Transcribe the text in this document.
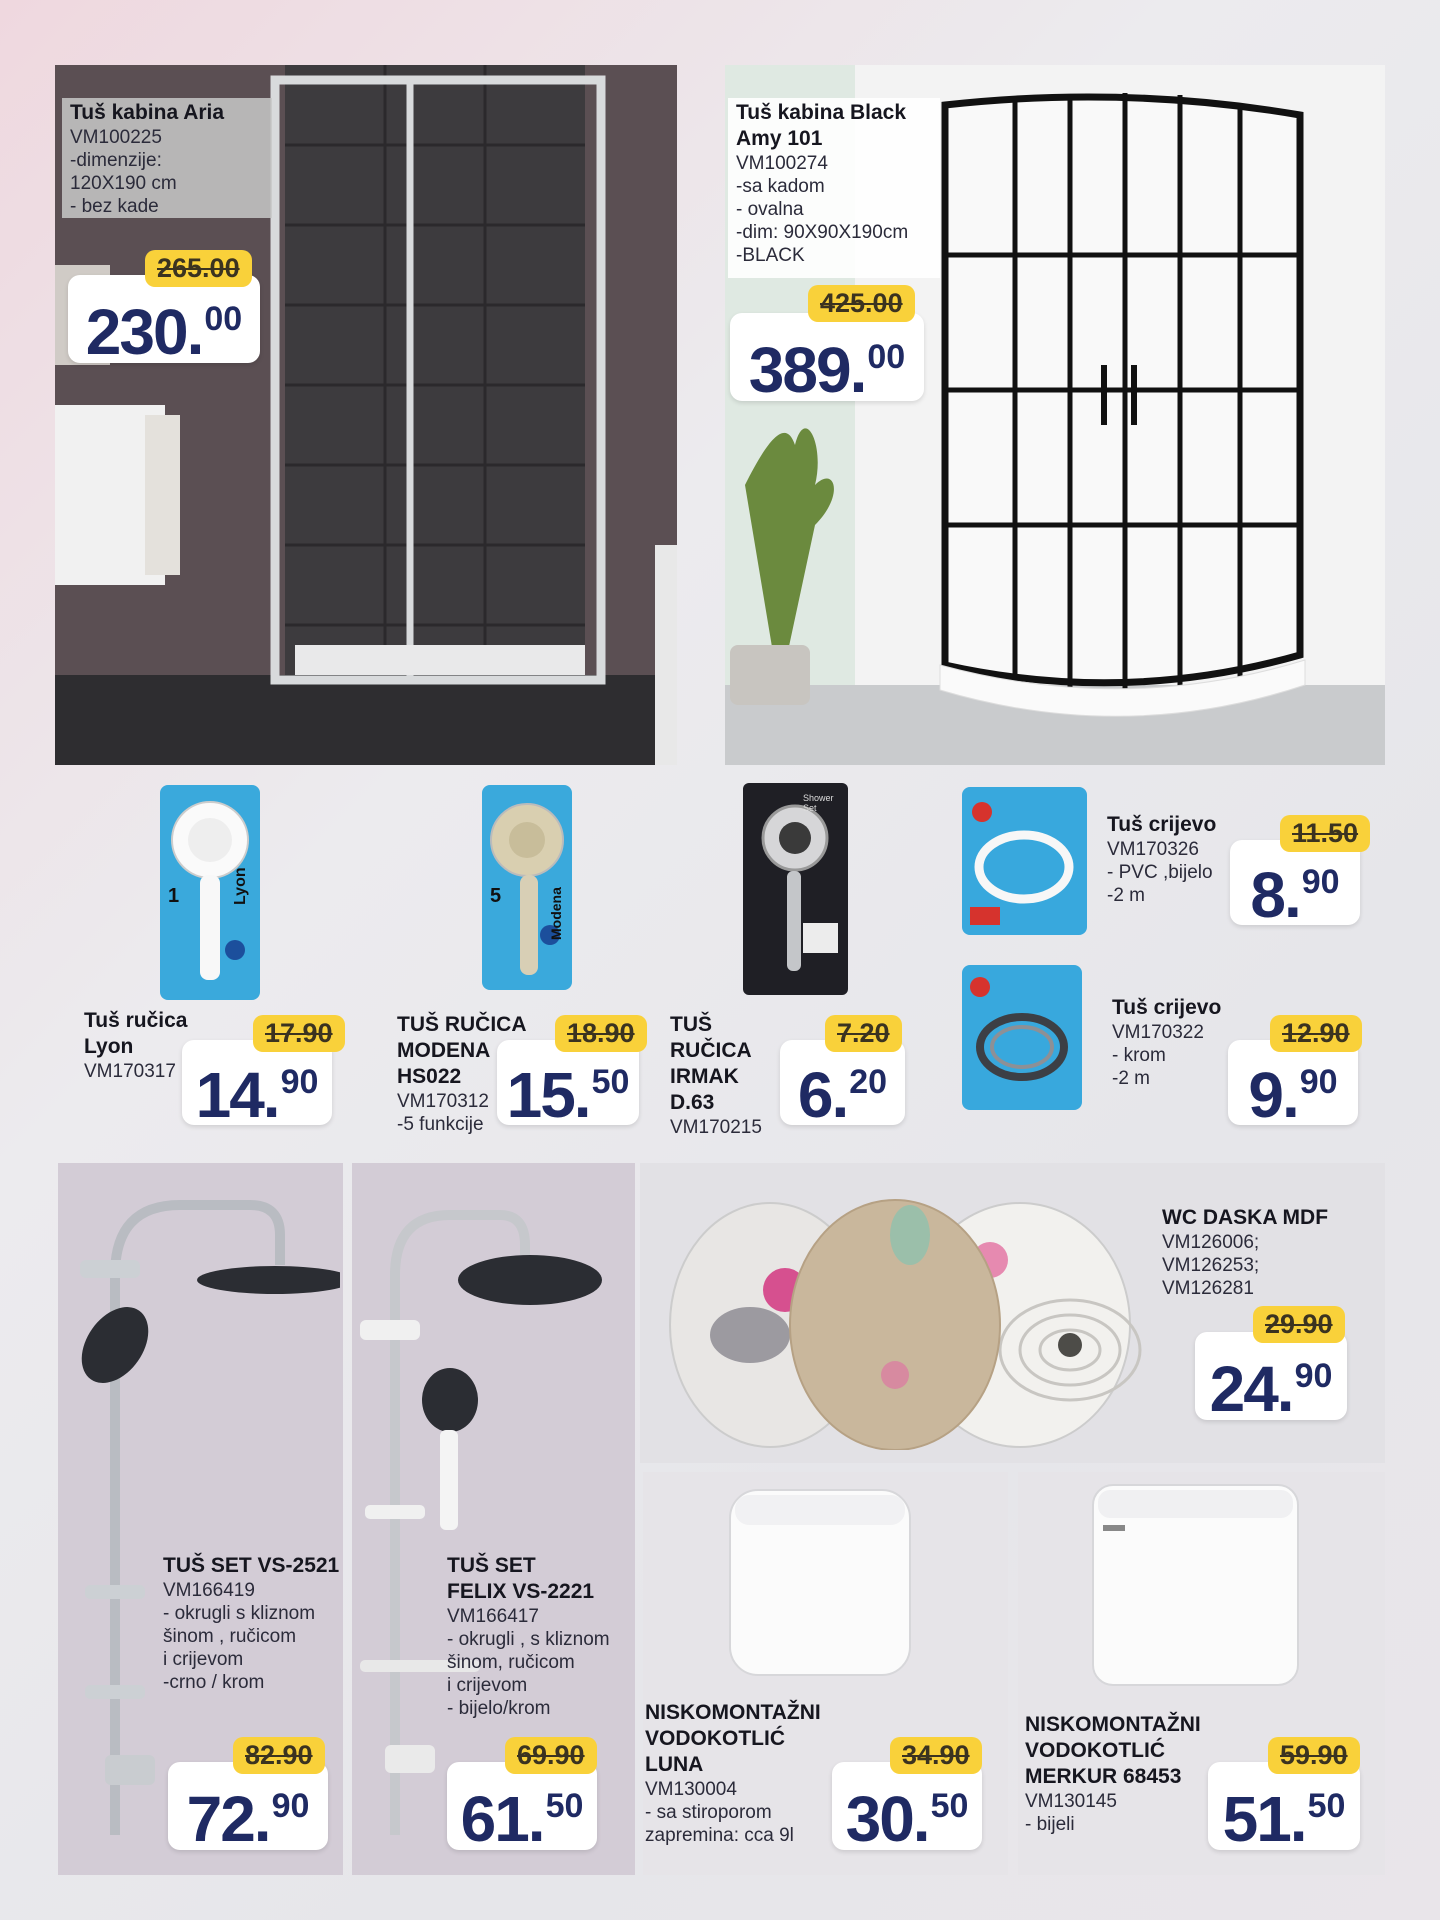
Tuš kabina Aria
VM100225
-dimenzije:
120X190 cm
- bez kade
265.00
230.00
Tuš kabina Black
Amy 101
VM100274
-sa kadom
- ovalna
-dim: 90X90X190cm
-BLACK
425.00
389.00
1	Lyon
Tuš ručica
Lyon
VM170317
17.90
14.90
5	Modena
TUŠ RUČICA
MODENA
HS022
VM170312
-5 funkcije
18.90
15.50
Shower Set
TUŠ RUČICA
IRMAK
D.63
VM170215
7.20
6.20
Tuš crijevo
VM170326
- PVC ,bijelo
-2 m
11.50
8.90
Tuš crijevo
VM170322
- krom
-2 m
12.90
9.90
TUŠ SET VS-2521
VM166419
- okrugli s kliznom
šinom , ručicom
i crijevom
-crno / krom
82.90
72.90
TUŠ SET
FELIX VS-2221
VM166417
- okrugli , s kliznom
šinom, ručicom
i crijevom
- bijelo/krom
69.90
61.50
WC DASKA MDF
VM126006;
VM126253;
VM126281
29.90
24.90
NISKOMONTAŽNI
VODOKOTLIĆ LUNA
VM130004
- sa stiroporom
zapremina: cca 9l
34.90
30.50
NISKOMONTAŽNI
VODOKOTLIĆ
MERKUR 68453
VM130145
- bijeli
59.90
51.50
